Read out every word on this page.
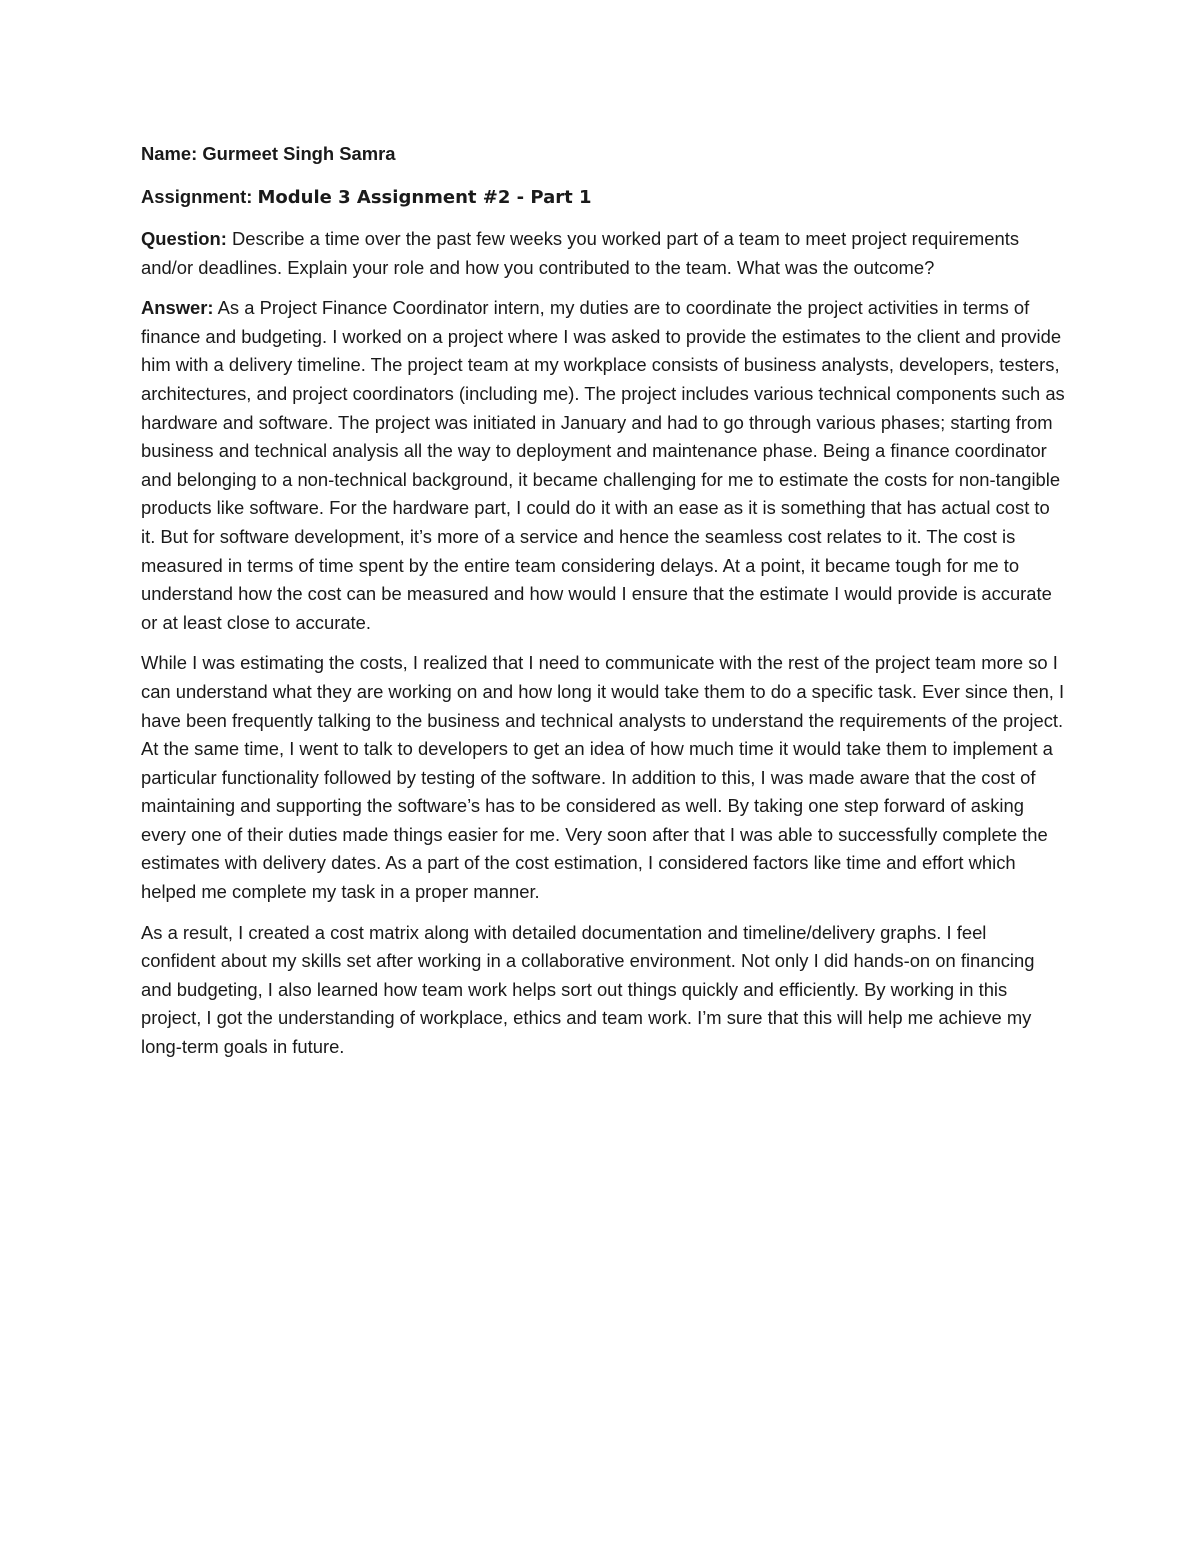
Name: Gurmeet Singh Samra

Assignment: Module 3 Assignment #2 - Part 1

Question: Describe a time over the past few weeks you worked part of a team to meet project requirements and/or deadlines. Explain your role and how you contributed to the team. What was the outcome?

Answer: As a Project Finance Coordinator intern, my duties are to coordinate the project activities in terms of finance and budgeting. I worked on a project where I was asked to provide the estimates to the client and provide him with a delivery timeline. The project team at my workplace consists of business analysts, developers, testers, architectures, and project coordinators (including me). The project includes various technical components such as hardware and software. The project was initiated in January and had to go through various phases; starting from business and technical analysis all the way to deployment and maintenance phase. Being a finance coordinator and belonging to a non-technical background, it became challenging for me to estimate the costs for non-tangible products like software. For the hardware part, I could do it with an ease as it is something that has actual cost to it. But for software development, it’s more of a service and hence the seamless cost relates to it. The cost is measured in terms of time spent by the entire team considering delays. At a point, it became tough for me to understand how the cost can be measured and how would I ensure that the estimate I would provide is accurate or at least close to accurate.

While I was estimating the costs, I realized that I need to communicate with the rest of the project team more so I can understand what they are working on and how long it would take them to do a specific task. Ever since then, I have been frequently talking to the business and technical analysts to understand the requirements of the project. At the same time, I went to talk to developers to get an idea of how much time it would take them to implement a particular functionality followed by testing of the software. In addition to this, I was made aware that the cost of maintaining and supporting the software’s has to be considered as well. By taking one step forward of asking every one of their duties made things easier for me. Very soon after that I was able to successfully complete the estimates with delivery dates. As a part of the cost estimation, I considered factors like time and effort which helped me complete my task in a proper manner.

As a result, I created a cost matrix along with detailed documentation and timeline/delivery graphs. I feel confident about my skills set after working in a collaborative environment. Not only I did hands-on on financing and budgeting, I also learned how team work helps sort out things quickly and efficiently. By working in this project, I got the understanding of workplace, ethics and team work. I’m sure that this will help me achieve my long-term goals in future.
